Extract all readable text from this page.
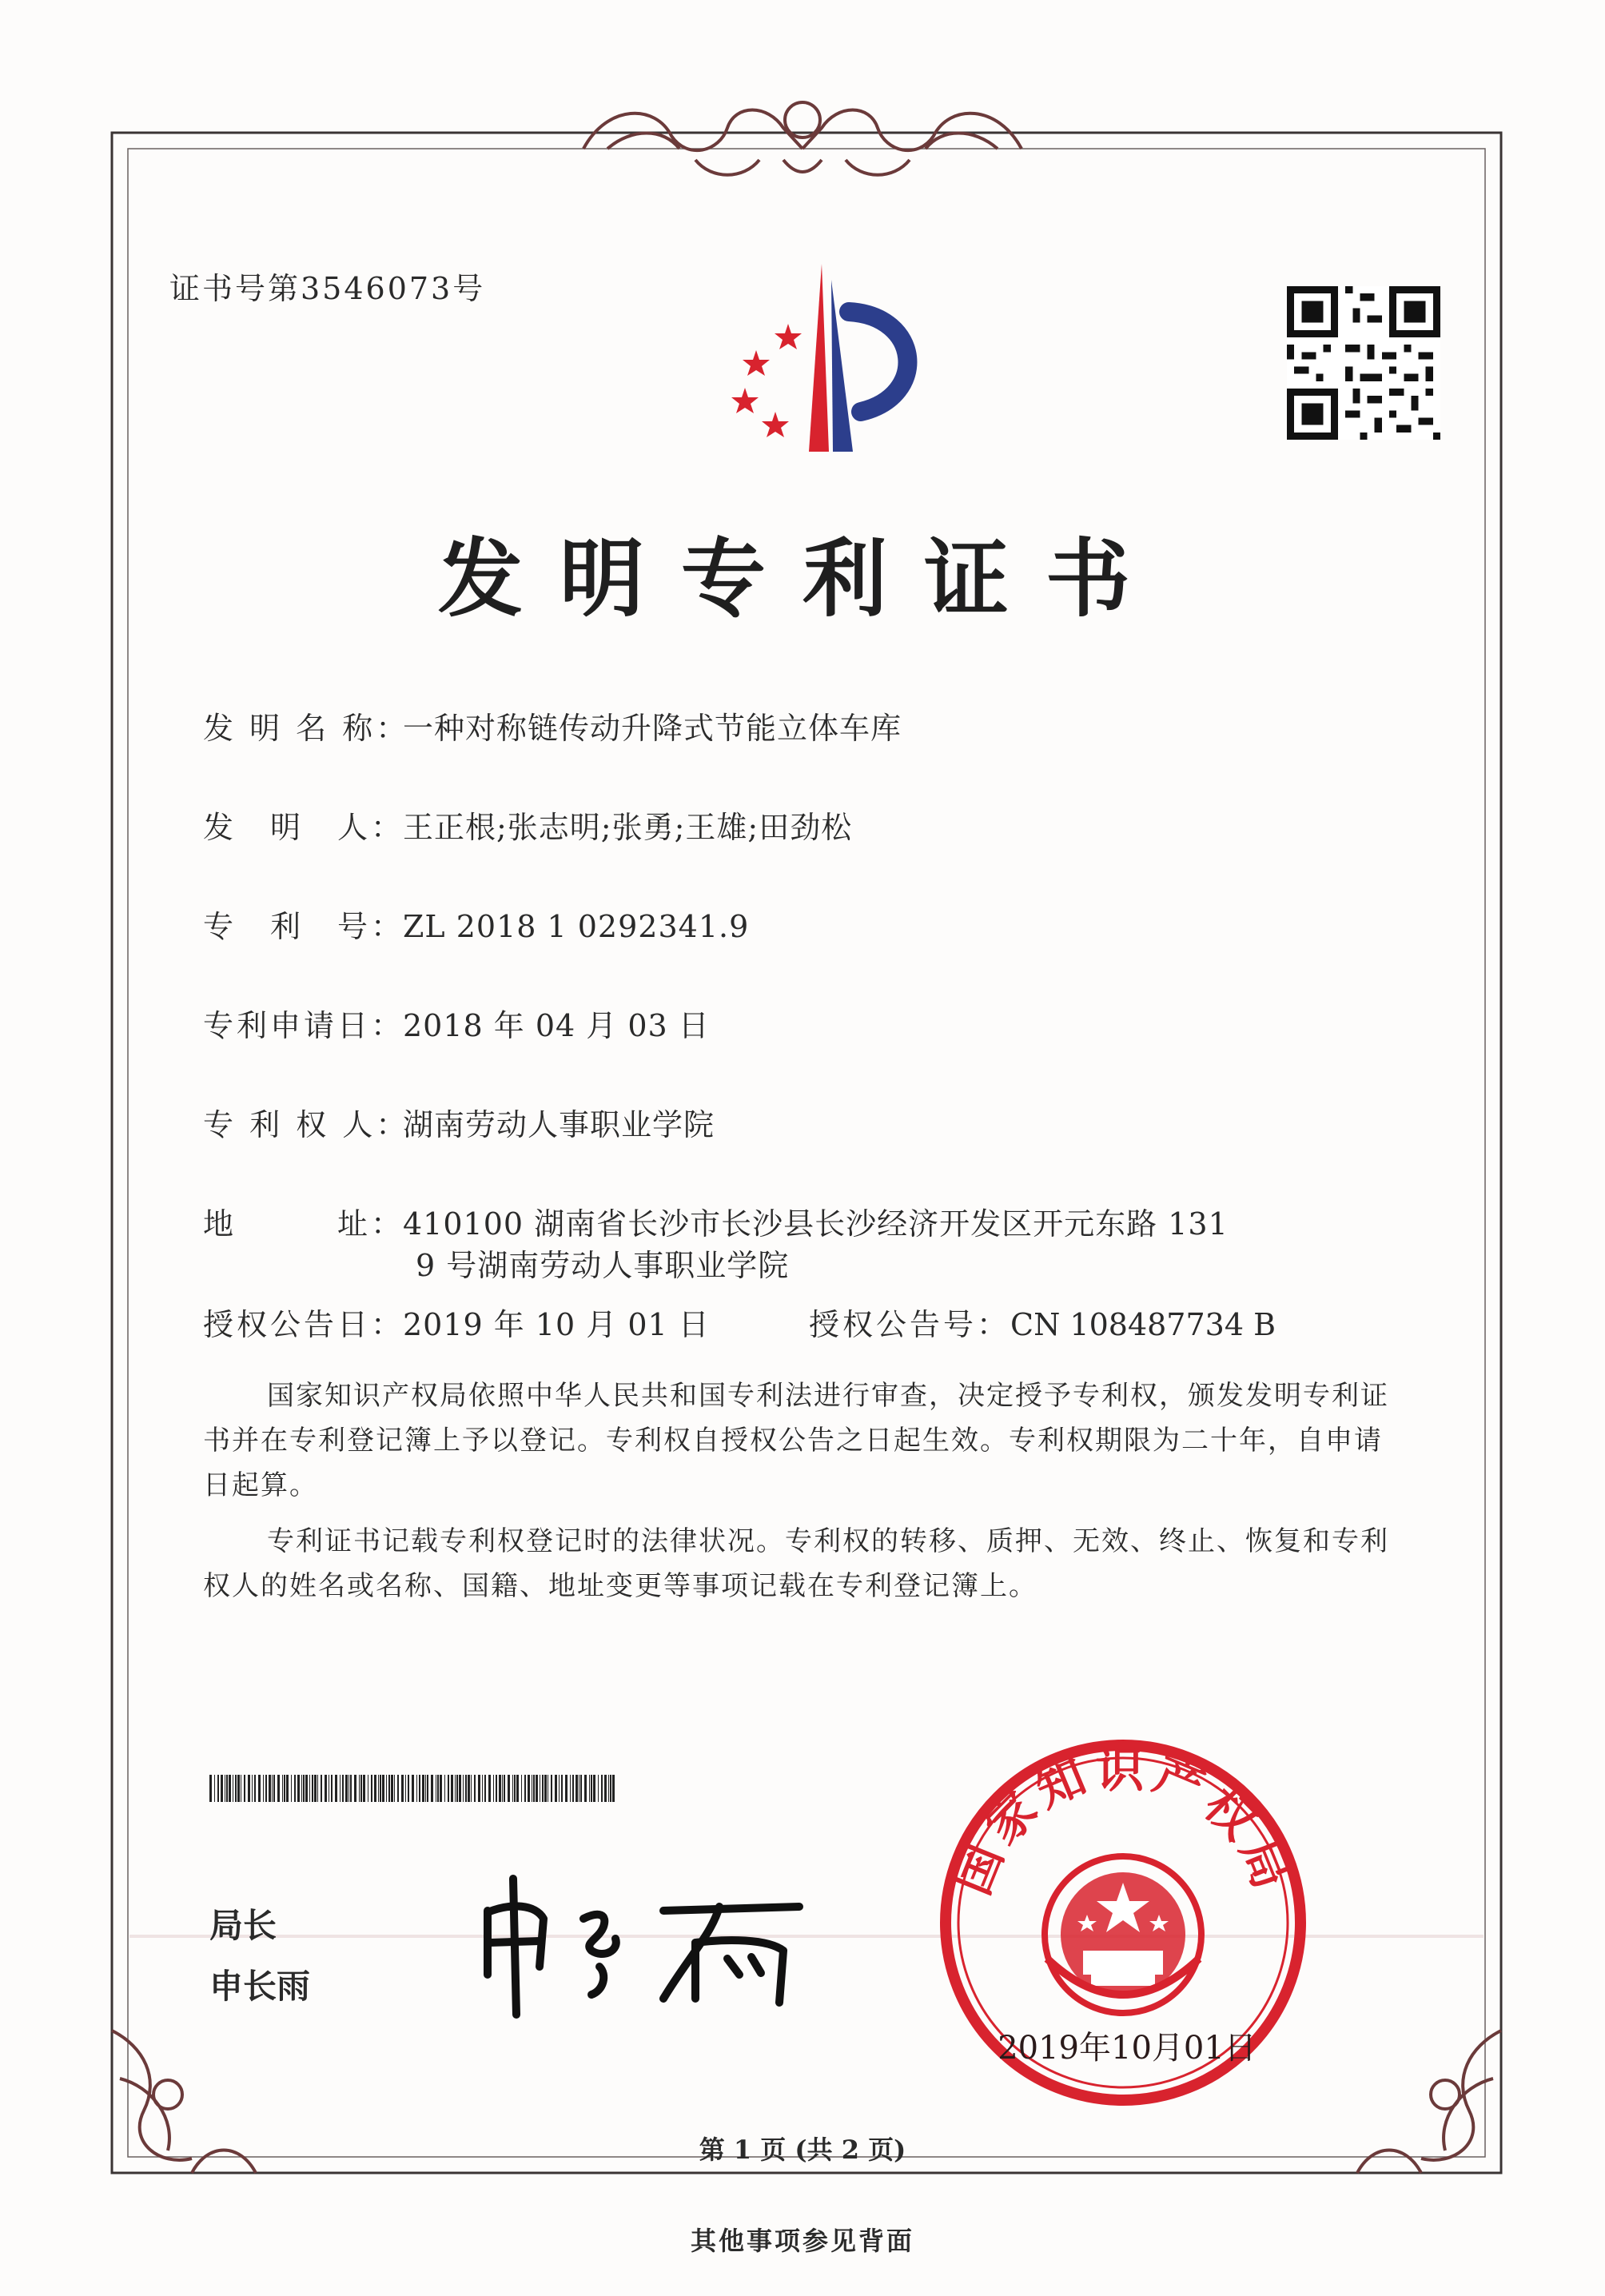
证书号第3546073号
发明专利证书
发 明 名 称：一种对称链传动升降式节能立体车库
发　明　人：王正根;张志明;张勇;王雄;田劲松
专　利　号：ZL 2018 1 0292341.9
专利申请日：2018 年 04 月 03 日
专 利 权 人：湖南劳动人事职业学院
地　　　址：410100 湖南省长沙市长沙县长沙经济开发区开元东路 131
9 号湖南劳动人事职业学院
授权公告日：2019 年 10 月 01 日	授权公告号：CN 108487734 B
国家知识产权局依照中华人民共和国专利法进行审查，决定授予专利权，颁发发明专利证书并在专利登记簿上予以登记。专利权自授权公告之日起生效。专利权期限为二十年，自申请日起算。
专利证书记载专利权登记时的法律状况。专利权的转移、质押、无效、终止、恢复和专利权人的姓名或名称、国籍、地址变更等事项记载在专利登记簿上。
局长
申长雨
国家知识产权局
2019年10月01日
第 1 页 (共 2 页)
其他事项参见背面
